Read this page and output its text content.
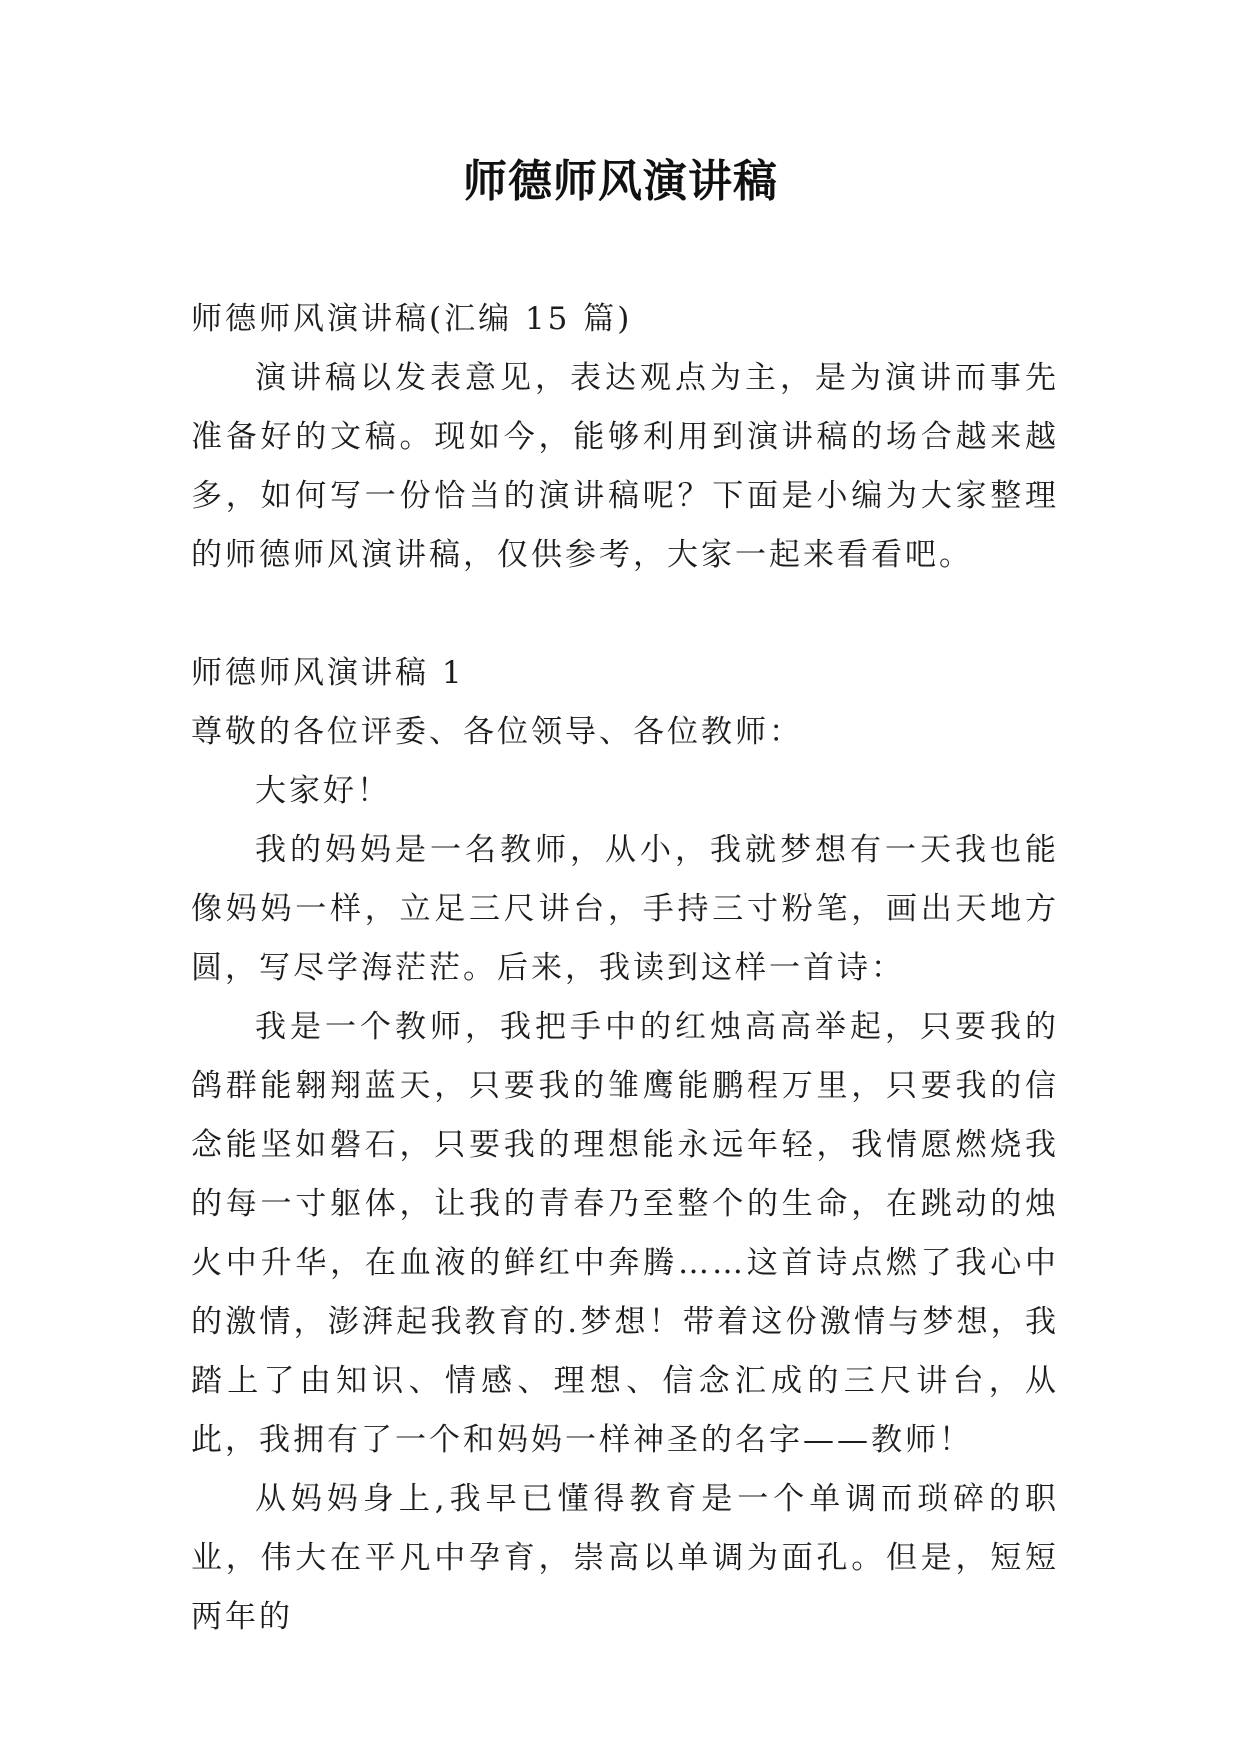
师德师风演讲稿

师德师风演讲稿(汇编 15 篇)

演讲稿以发表意见，表达观点为主，是为演讲而事先准备好的文稿。现如今，能够利用到演讲稿的场合越来越多，如何写一份恰当的演讲稿呢？下面是小编为大家整理的师德师风演讲稿，仅供参考，大家一起来看看吧。

师德师风演讲稿 1

尊敬的各位评委、各位领导、各位教师：

大家好！

我的妈妈是一名教师，从小，我就梦想有一天我也能像妈妈一样，立足三尺讲台，手持三寸粉笔，画出天地方圆，写尽学海茫茫。后来，我读到这样一首诗：

我是一个教师，我把手中的红烛高高举起，只要我的鸽群能翱翔蓝天，只要我的雏鹰能鹏程万里，只要我的信念能坚如磐石，只要我的理想能永远年轻，我情愿燃烧我的每一寸躯体，让我的青春乃至整个的生命，在跳动的烛火中升华，在血液的鲜红中奔腾……这首诗点燃了我心中的激情，澎湃起我教育的.梦想！带着这份激情与梦想，我踏上了由知识、情感、理想、信念汇成的三尺讲台，从此，我拥有了一个和妈妈一样神圣的名字——教师！

从妈妈身上,我早已懂得教育是一个单调而琐碎的职业，伟大在平凡中孕育，崇高以单调为面孔。但是，短短两年的
